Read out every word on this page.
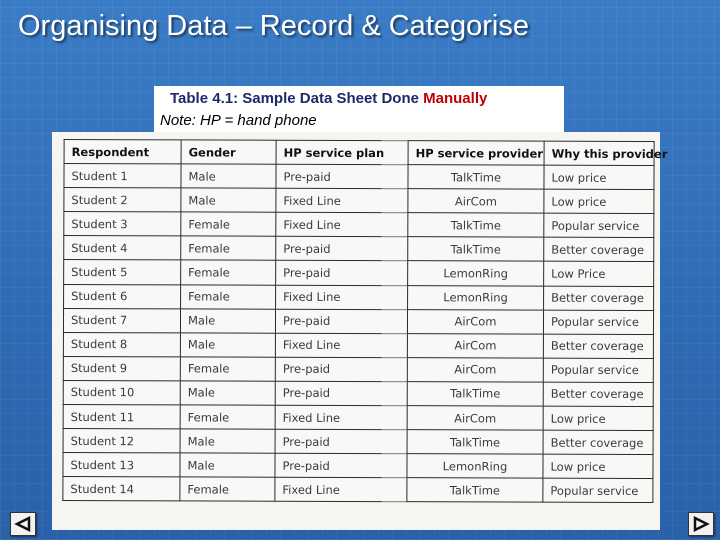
Organising Data – Record & Categorise
Table 4.1: Sample Data Sheet Done Manually
Note: HP = hand phone
Respondent	Gender	HP service plan	HP service provider	Why this provider
Student 1	Male	Pre-paid	TalkTime	Low price
Student 2	Male	Fixed Line	AirCom	Low price
Student 3	Female	Fixed Line	TalkTime	Popular service
Student 4	Female	Pre-paid	TalkTime	Better coverage
Student 5	Female	Pre-paid	LemonRing	Low Price
Student 6	Female	Fixed Line	LemonRing	Better coverage
Student 7	Male	Pre-paid	AirCom	Popular service
Student 8	Male	Fixed Line	AirCom	Better coverage
Student 9	Female	Pre-paid	AirCom	Popular service
Student 10	Male	Pre-paid	TalkTime	Better coverage
Student 11	Female	Fixed Line	AirCom	Low price
Student 12	Male	Pre-paid	TalkTime	Better coverage
Student 13	Male	Pre-paid	LemonRing	Low price
Student 14	Female	Fixed Line	TalkTime	Popular service
